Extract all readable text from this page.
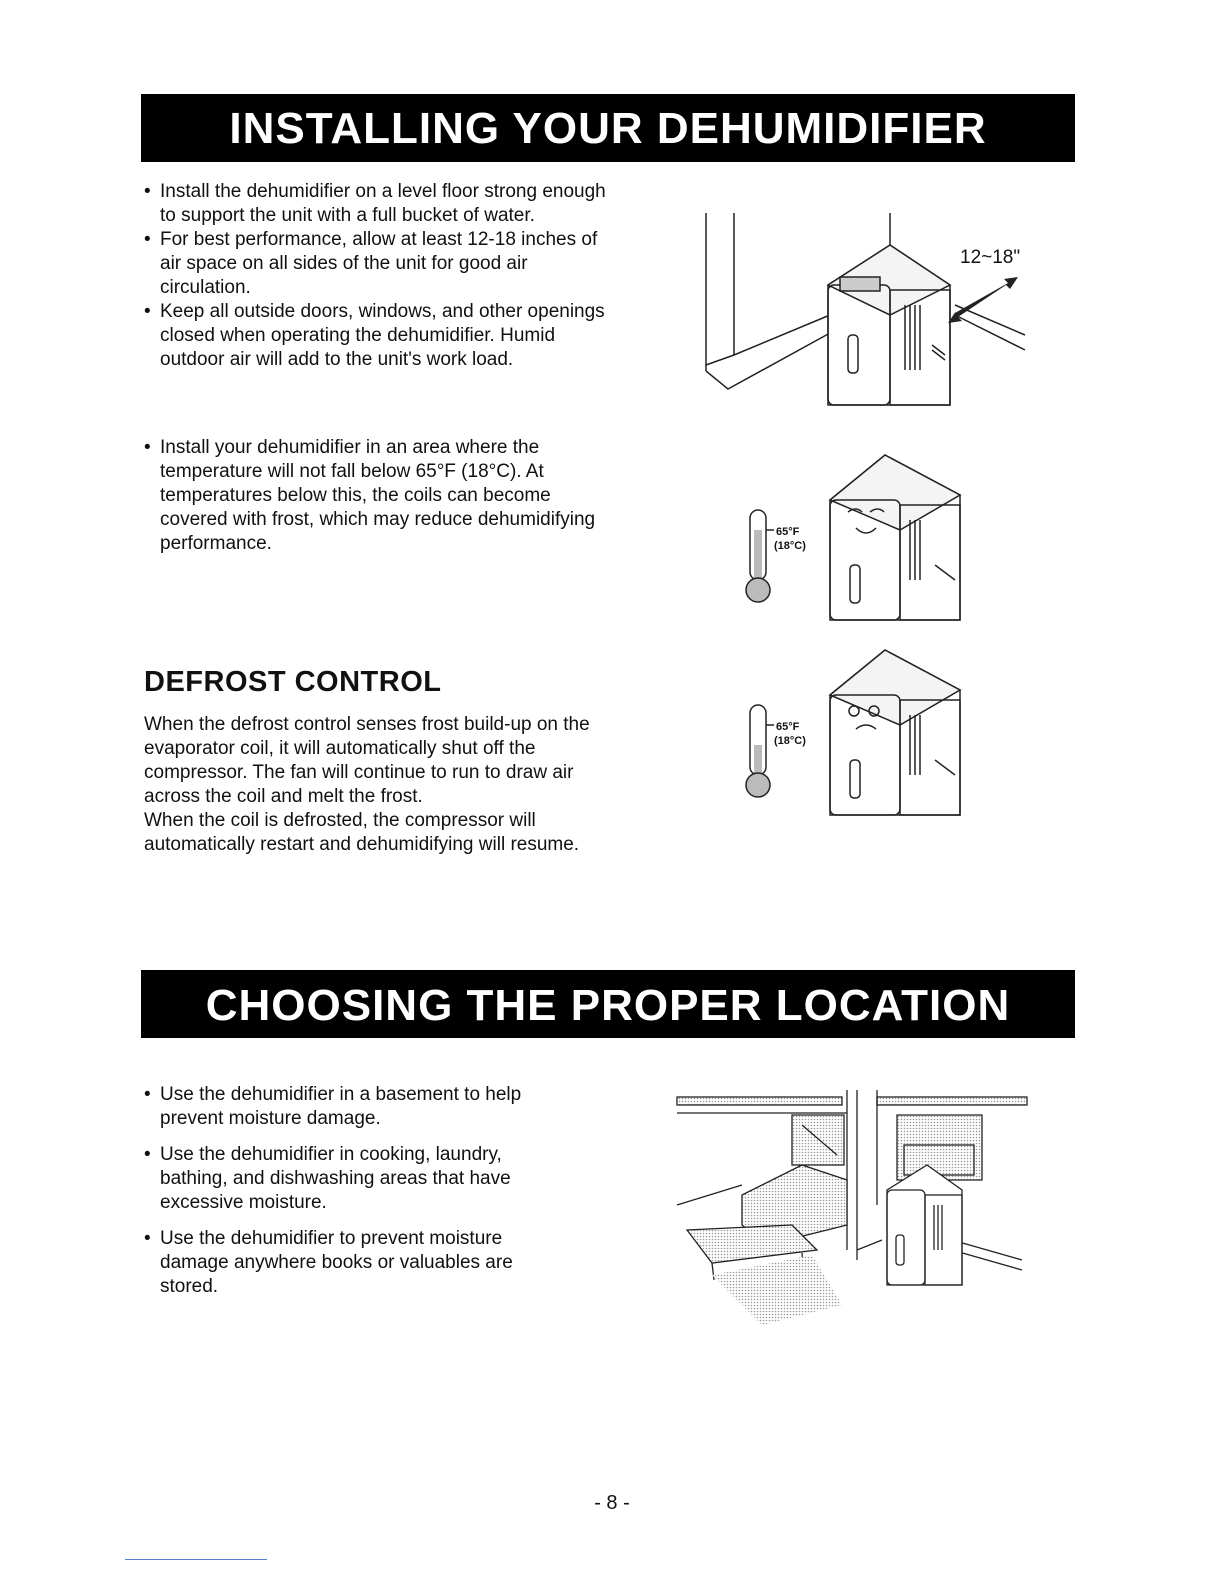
INSTALLING YOUR DEHUMIDIFIER
• Install the dehumidifier on a level floor strong enough
to support the unit with a full bucket of water.
• For best performance, allow at least 12-18 inches of
air space on all sides of the unit for good air
circulation.
• Keep all outside doors, windows, and other openings
closed when operating the dehumidifier. Humid
outdoor air will add to the unit's work load.
• Install your dehumidifier in an area where the
temperature will not fall below 65°F (18°C). At
temperatures below this, the coils can become
covered with frost, which may reduce dehumidifying
performance.
DEFROST CONTROL
When the defrost control senses frost build-up on the
evaporator coil, it will automatically shut off the
compressor. The fan will continue to run to draw air
across the coil and melt the frost.
When the coil is defrosted, the compressor will
automatically restart and dehumidifying will resume.
12~18"
65°F
(18°C)
65°F
(18°C)
CHOOSING THE PROPER LOCATION
• Use the dehumidifier in a basement to help
prevent moisture damage.
• Use the dehumidifier in cooking, laundry,
bathing, and dishwashing areas that have
excessive moisture.
• Use the dehumidifier to prevent moisture
damage anywhere books or valuables are
stored.
- 8 -
